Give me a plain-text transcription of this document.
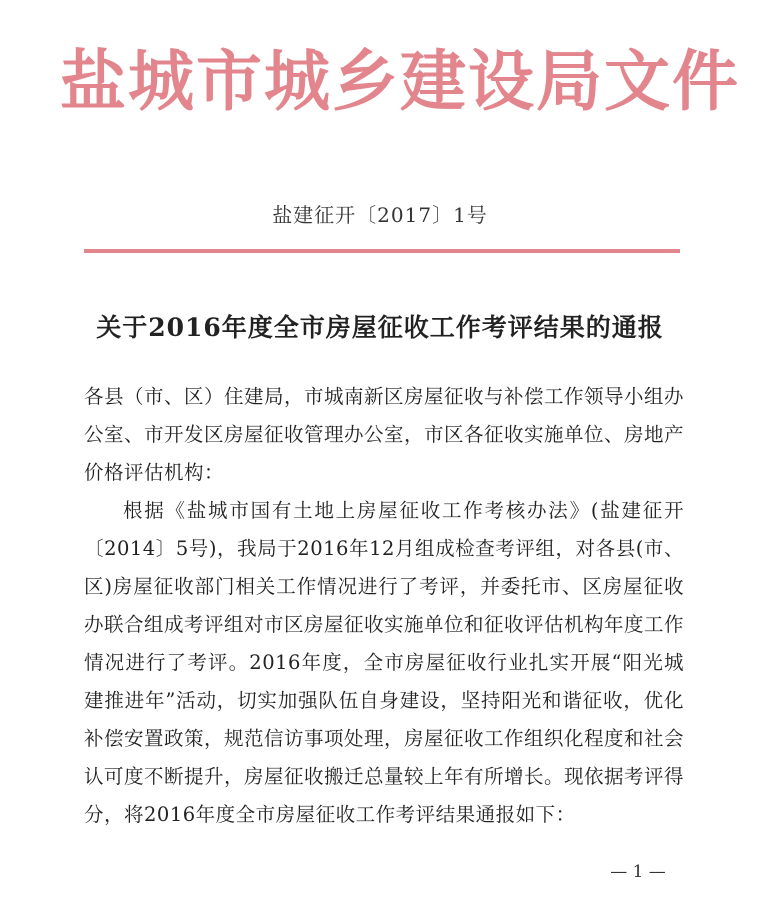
盐城市城乡建设局文件
盐建征开〔2017〕1号
关于2016年度全市房屋征收工作考评结果的通报

各县（市、区）住建局，市城南新区房屋征收与补偿工作领导小组办公室、市开发区房屋征收管理办公室，市区各征收实施单位、房地产价格评估机构：

根据《盐城市国有土地上房屋征收工作考核办法》(盐建征开〔2014〕5号)，我局于2016年12月组成检查考评组，对各县(市、区)房屋征收部门相关工作情况进行了考评，并委托市、区房屋征收办联合组成考评组对市区房屋征收实施单位和征收评估机构年度工作情况进行了考评。2016年度，全市房屋征收行业扎实开展“阳光城建推进年”活动，切实加强队伍自身建设，坚持阳光和谐征收，优化补偿安置政策，规范信访事项处理，房屋征收工作组织化程度和社会认可度不断提升，房屋征收搬迁总量较上年有所增长。现依据考评得分，将2016年度全市房屋征收工作考评结果通报如下：

— 1 —
